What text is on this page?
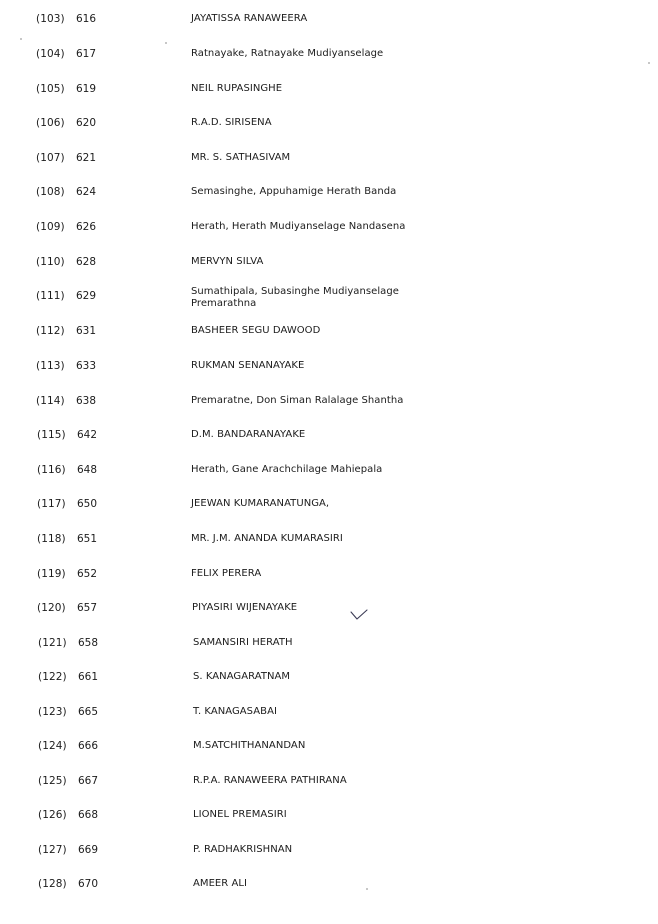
(103) 616	JAYATISSA RANAWEERA
(104) 617	Ratnayake, Ratnayake Mudiyanselage
(105) 619	NEIL RUPASINGHE
(106) 620	R.A.D. SIRISENA
(107) 621	MR. S. SATHASIVAM
(108) 624	Semasinghe, Appuhamige Herath Banda
(109) 626	Herath, Herath Mudiyanselage Nandasena
(110) 628	MERVYN SILVA
(111) 629	Sumathipala, Subasinghe Mudiyanselage Premarathna
(112) 631	BASHEER SEGU DAWOOD
(113) 633	RUKMAN SENANAYAKE
(114) 638	Premaratne, Don Siman Ralalage Shantha
(115) 642	D.M. BANDARANAYAKE
(116) 648	Herath, Gane Arachchilage Mahiepala
(117) 650	JEEWAN KUMARANATUNGA,
(118) 651	MR. J.M. ANANDA KUMARASIRI
(119) 652	FELIX PERERA
(120) 657	PIYASIRI WIJENAYAKE
(121) 658	SAMANSIRI HERATH
(122) 661	S. KANAGARATNAM
(123) 665	T. KANAGASABAI
(124) 666	M.SATCHITHANANDAN
(125) 667	R.P.A. RANAWEERA PATHIRANA
(126) 668	LIONEL PREMASIRI
(127) 669	P. RADHAKRISHNAN
(128) 670	AMEER ALI
